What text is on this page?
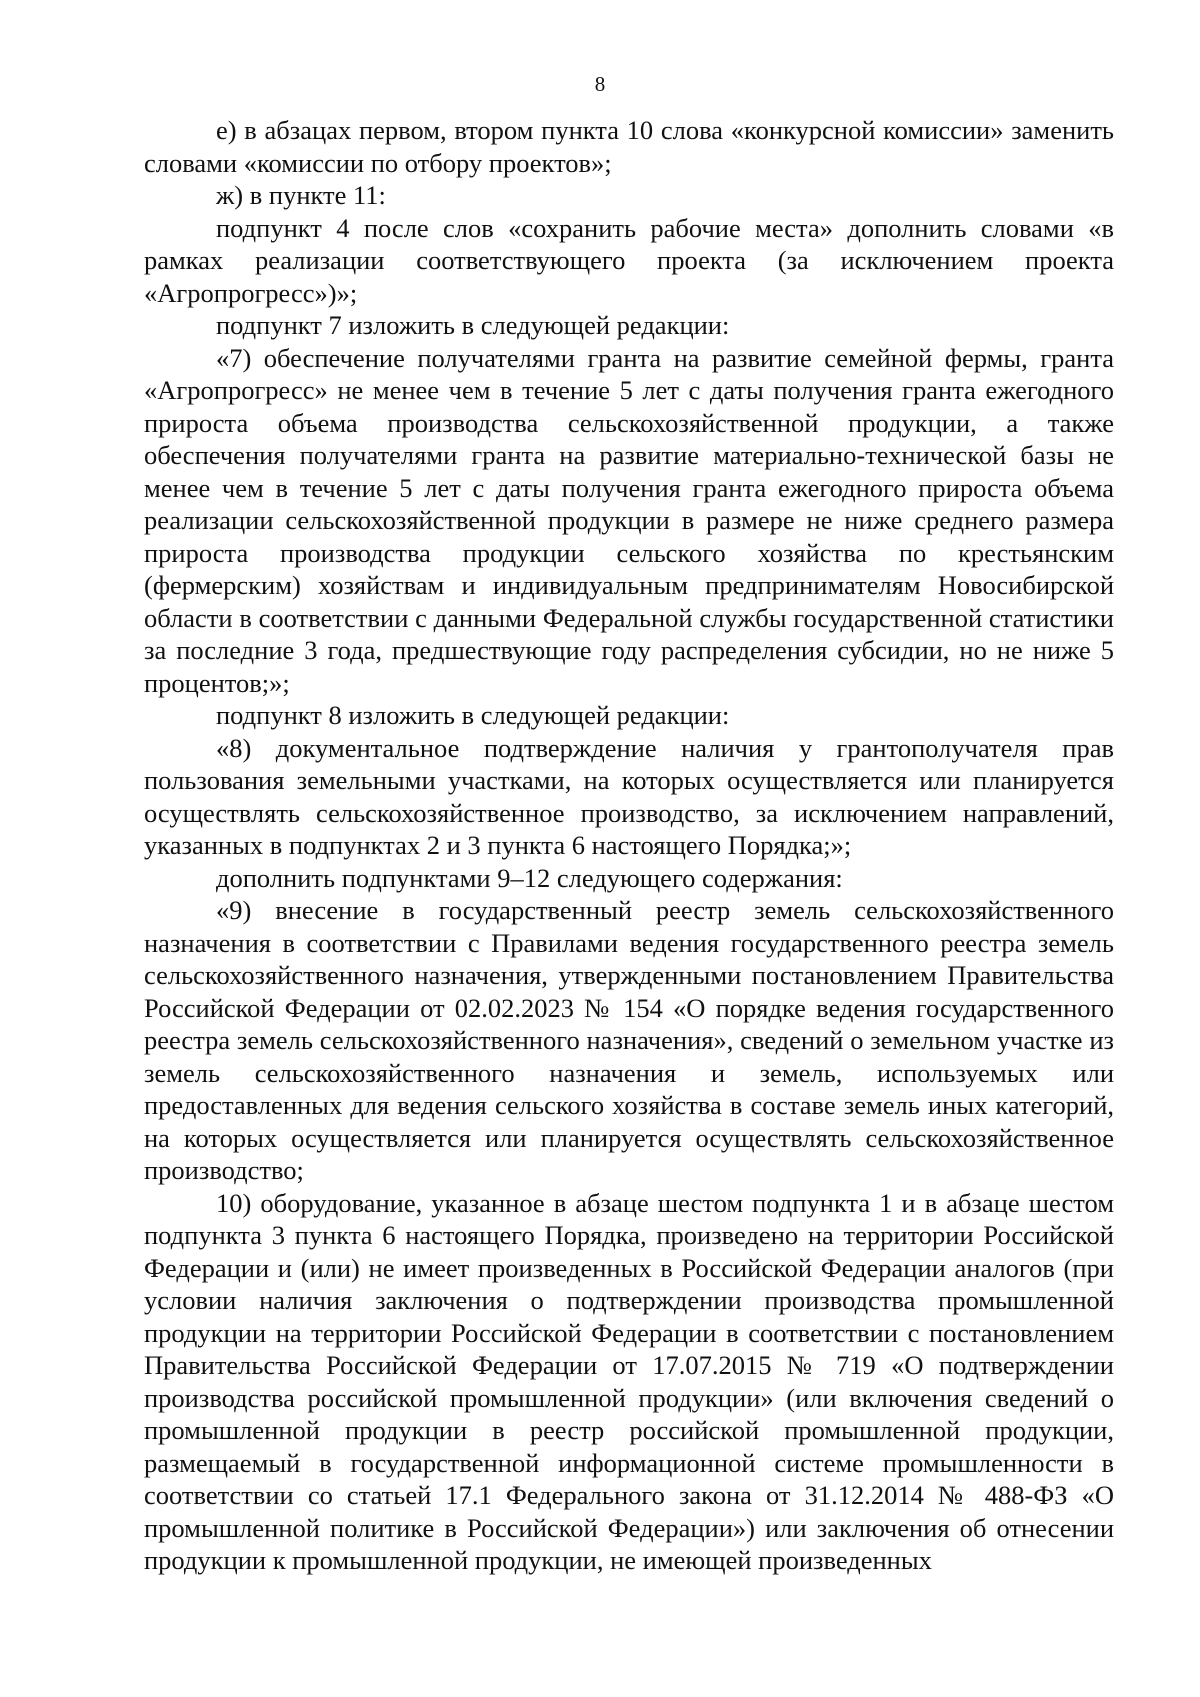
8

е) в абзацах первом, втором пункта 10 слова «конкурсной комиссии» заменить словами «комиссии по отбору проектов»;

ж) в пункте 11:

подпункт 4 после слов «сохранить рабочие места» дополнить словами «в рамках реализации соответствующего проекта (за исключением проекта «Агропрогресс»)»;

подпункт 7 изложить в следующей редакции:

«7) обеспечение получателями гранта на развитие семейной фермы, гранта «Агропрогресс» не менее чем в течение 5 лет с даты получения гранта ежегодного прироста объема производства сельскохозяйственной продукции, а также обеспечения получателями гранта на развитие материально-технической базы не менее чем в течение 5 лет с даты получения гранта ежегодного прироста объема реализации сельскохозяйственной продукции в размере не ниже среднего размера прироста производства продукции сельского хозяйства по крестьянским (фермерским) хозяйствам и индивидуальным предпринимателям Новосибирской области в соответствии с данными Федеральной службы государственной статистики за последние 3 года, предшествующие году распределения субсидии, но не ниже 5 процентов;»;

подпункт 8 изложить в следующей редакции:

«8) документальное подтверждение наличия у грантополучателя прав пользования земельными участками, на которых осуществляется или планируется осуществлять сельскохозяйственное производство, за исключением направлений, указанных в подпунктах 2 и 3 пункта 6 настоящего Порядка;»;

дополнить подпунктами 9–12 следующего содержания:

«9) внесение в государственный реестр земель сельскохозяйственного назначения в соответствии с Правилами ведения государственного реестра земель сельскохозяйственного назначения, утвержденными постановлением Правительства Российской Федерации от 02.02.2023 № 154 «О порядке ведения государственного реестра земель сельскохозяйственного назначения», сведений о земельном участке из земель сельскохозяйственного назначения и земель, используемых или предоставленных для ведения сельского хозяйства в составе земель иных категорий, на которых осуществляется или планируется осуществлять сельскохозяйственное производство;

10) оборудование, указанное в абзаце шестом подпункта 1 и в абзаце шестом подпункта 3 пункта 6 настоящего Порядка, произведено на территории Российской Федерации и (или) не имеет произведенных в Российской Федерации аналогов (при условии наличия заключения о подтверждении производства промышленной продукции на территории Российской Федерации в соответствии с постановлением Правительства Российской Федерации от 17.07.2015 № 719 «О подтверждении производства российской промышленной продукции» (или включения сведений о промышленной продукции в реестр российской промышленной продукции, размещаемый в государственной информационной системе промышленности в соответствии со статьей 17.1 Федерального закона от 31.12.2014 № 488-ФЗ «О промышленной политике в Российской Федерации») или заключения об отнесении продукции к промышленной продукции, не имеющей произведенных
